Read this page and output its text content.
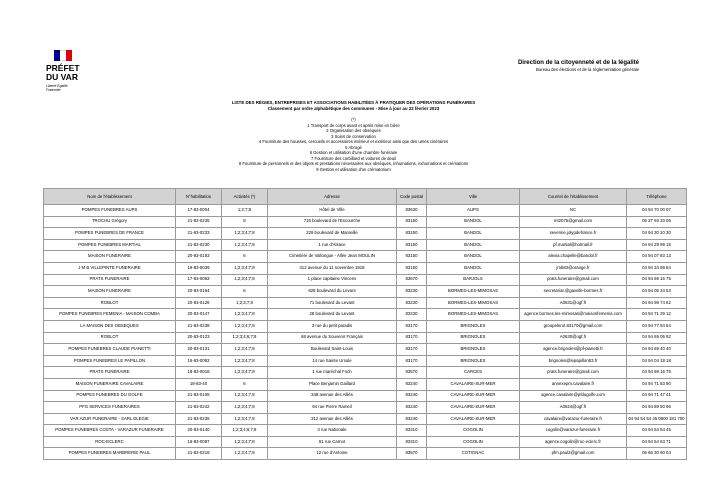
PRÉFET
DU VAR
Liberté Égalité Fraternité
Direction de la citoyenneté et de la légalité
Bureau des élections et de la réglementation générale
LISTE DES RÉGIES, ENTREPRISES ET ASSOCIATIONS HABILITÉES À PRATIQUER DES OPÉRATIONS FUNÉRAIRES
Classement par ordre alphabétique des communes - Mise à jour au 22 février 2023
(*)
1 Transport de corps avant et après mise en bière
2 Organisation des obsèques
3 Soins de conservation
4 Fourniture des housses, cercueils et accessoires intérieur et extérieur ainsi que des urnes cinéraires
5 Abrogé
6 Gestion et utilisation d'une chambre funéraire
7 Fourniture des corbillard et voitures de deuil
8 Fourniture de personnels et des objets et prestations nécessaires aux obsèques, inhumations, exhumations et crémations
9 Gestion et utilisation d'un crématorium
Nom de l'établissement	N°habilitation	Activités (*)	Adresse	Code postal	Ville	Courriel de l'établissement	Téléphone
POMPES FUNEBRES AUPS	17-83-0004	1;2;7;8	Hôtel de Ville	83630	AUPS	NC	04 94 70 00 07
TROCHU Grégory	21-83-0235	8	715 boulevard de l'Escourche	83150	BANDOL	mt2075@gmail.com	06 37 93 33 05
POMPES FUNEBRES DE FRANCE	21-83-0233	1;2;3;4;7;8	229 boulevard de Marseille	83150	BANDOL	severine.jolypdefrance.fr	04 94 30 10 30
POMPES FUNEBRES MARTIAL	21-83-0230	1;2;3;4;7;8	1 rue d'Alsace	83150	BANDOL	pf.martial@hotmail.fr	04 94 29 99 15
MAISON FUNERAIRE	20-83-0193	6	Cimetière de Vallongue - Allée Jean MOULIN	83150	BANDOL	alexia.chapelle@bandol.fr	04 94 07 83 13
J M B VILLEPINTE FUNERAIRE	19-83-0039	1;2;3;4;7;8	312 avenue du 11 novembre 1918	83150	BANDOL	jmb83@orange.fr	04 94 34 89 54
PRATS FUNERAIRE	17-83-0063	1;2;3;4;7;8	1 place capitaine Vincens	83670	BARJOLS	prats.funeraire@gmail.com	04 94 69 16 75
MAISON FUNERAIRE	20-83-0164	6	828 boulevard du Levant	83230	BORMES-LES-MIMOSAS	secretariat.@gavelle-bormes.fr	04 94 05 34 53
ROBLOT	20-83-0126	1;2;3;7;8	71 boulevard du Levant	83230	BORMES-LES-MIMOSAS	A0631@ogf.fr	04 94 98 74 62
POMPES FUNEBRES FEMENIA - MAISON COMBA	20-83-0147	1;2;3;4;7;8	28 boulevard du Levant	83230	BORMES-LES-MIMOSAS	agence.bormes.les-mimosas@maisonfemenia.com	04 94 71 29 12
LA MAISON DES OBSEQUES	21-83-0238	1;2;3;4;7;8	3 rue du petit paradis	83170	BRIGNOLES	groupelerot.83170@gmail.com	04 94 77 84 54
ROBLOT	20-83-0123	1;2;3;4;6;7;8	68 avenue du Souvenir Français	83170	BRIGNOLES	A0630@ogf.fr	04 94 69 06 92
POMPES FUNEBRES CLAUDE PIANETTI	20-83-0131	1;2;3;4;7;8	Boulevard Saint-Louis	83170	BRIGNOLES	agence.brignoles@pf-pianetti.fr	04 94 69 40 40
POMPES FUNEBRES LE PAPILLON	16-83-0082	1;2;3;4;7;8	14 rue Sainte Ursule	83170	BRIGNOLES	brignoles@lepapillon83.fr	04 94 04 18 18
PRATS FUNERAIRE	18-83-0018	1;2;3;4;7;8	1 rue maréchal Foch	83570	CARCES	prats.funeraire@gmail.com	04 94 69 16 75
MAISON FUNERAIRE CAVALAIRE	18-83-40	6	Place Benjamin Gaillard	83240	CAVALAIRE-SUR-MER	annexepm.cavalaire.fr	04 94 71 83 90
POMPES FUNEBRES DU GOLFE	21-83-0108	1;2;3;4;7;8	348 avenue des Alliés	83240	CAVALAIRE-SUR-MER	agence.cavalaire@pfdugolfe.com	04 94 71 47 41
PFG SERVICES FUNERAIRES	21-83-0242	1;2;3;4;7;8	94 rue Pierre Rameil	83240	CAVALAIRE-SUR-MER	A0624@ogf.fr	04 94 89 50 96
VAR AZUR FUNERAIRE - SARL ELEGIE	21-83-0236	1;2;3;4;7;8	312 avenue des Alliés	83240	CAVALAIRE-SUR-MER	cavalaire@varazur-funeraire.fr	04 94 54 54 45 0800 181 700
POMPES FUNEBRES COSTA - VARAZUR FUNERAIRE	20-83-0140	1;2;3;4;6;7;8	3 rue Nationale	83310	COGOLIN	cogolin@varazur-funeraire.fr	04 94 54 54 45
ROC-ECLERC	16-83-0087	1;2;3;4;7;8	61 rue Carnot	83310	COGOLIN	agence.cogolin@roc-eclerc.fr	04 94 54 63 71
POMPES FUNEBRES MARBRERIE PAUL	21-83-0218	1;2;3;4;7;8	12 rue d'Antoine	83570	COTIGNAC	pfm.paul2@gmail.com	06 66 30 90 04
